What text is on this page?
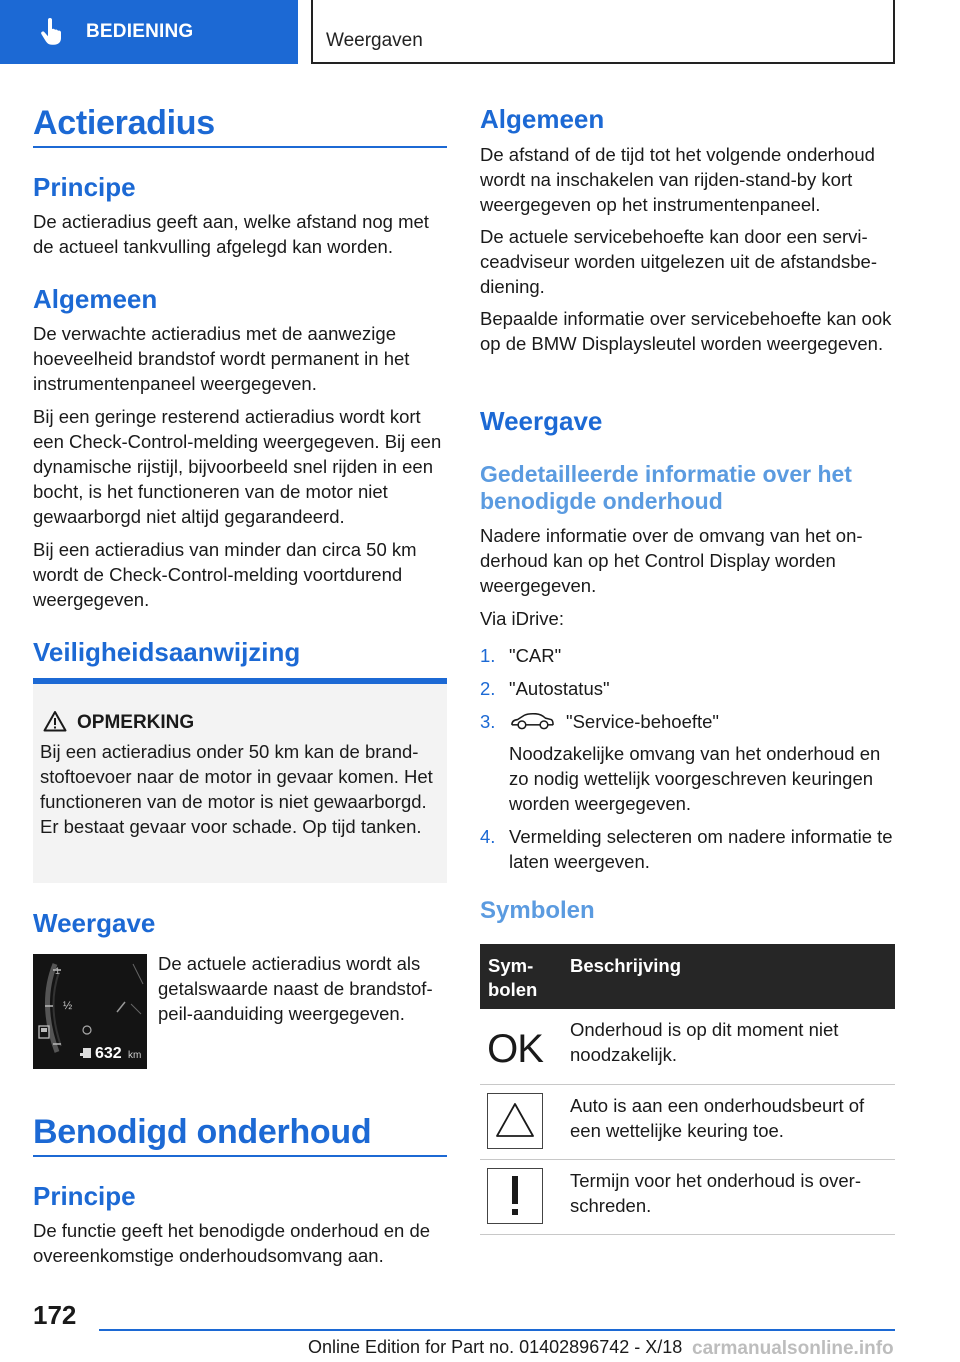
BEDIENING	Weergaven
Actieradius
Principe
De actieradius geeft aan, welke afstand nog met de actueel tankvulling afgelegd kan worden.
Algemeen
De verwachte actieradius met de aanwezige hoeveelheid brandstof wordt permanent in het instrumentenpaneel weergegeven.
Bij een geringe resterend actieradius wordt kort een Check-Control-melding weergegeven. Bij een dynamische rijstijl, bijvoorbeeld snel rijden in een bocht, is het functioneren van de motor niet gewaarborgd niet altijd gegarandeerd.
Bij een actieradius van minder dan circa 50 km wordt de Check-Control-melding voortdurend weergegeven.
Veiligheidsaanwijzing
OPMERKING
Bij een actieradius onder 50 km kan de brandstoftoevoer naar de motor in gevaar komen. Het functioneren van de motor is niet gewaarborgd. Er bestaat gevaar voor schade. Op tijd tanken.
Weergave
1
½
632 km
De actuele actieradius wordt als getalswaarde naast de brandstofpeil-aanduiding weergegeven.
Benodigd onderhoud
Principe
De functie geeft het benodigde onderhoud en de overeenkomstige onderhoudsomvang aan.
Algemeen
De afstand of de tijd tot het volgende onderhoud wordt na inschakelen van rijden-stand-by kort weergegeven op het instrumentenpaneel.
De actuele servicebehoefte kan door een serviceadviseur worden uitgelezen uit de afstandsbediening.
Bepaalde informatie over servicebehoefte kan ook op de BMW Displaysleutel worden weergegeven.
Weergave
Gedetailleerde informatie over het benodigde onderhoud
Nadere informatie over de omvang van het onderhoud kan op het Control Display worden weergegeven.
Via iDrive:
1. "CAR"
2. "Autostatus"
3.	"Service-behoefte"
Noodzakelijke omvang van het onderhoud en zo nodig wettelijk voorgeschreven keuringen worden weergegeven.
4. Vermelding selecteren om nadere informatie te laten weergeven.
Symbolen
Symbolen
Beschrijving
OK Onderhoud is op dit moment niet noodzakelijk.
Auto is aan een onderhoudsbeurt of een wettelijke keuring toe.
Termijn voor het onderhoud is overschreden.
172
Online Edition for Part no. 01402896742 - X/18 carmanualsonline.info
